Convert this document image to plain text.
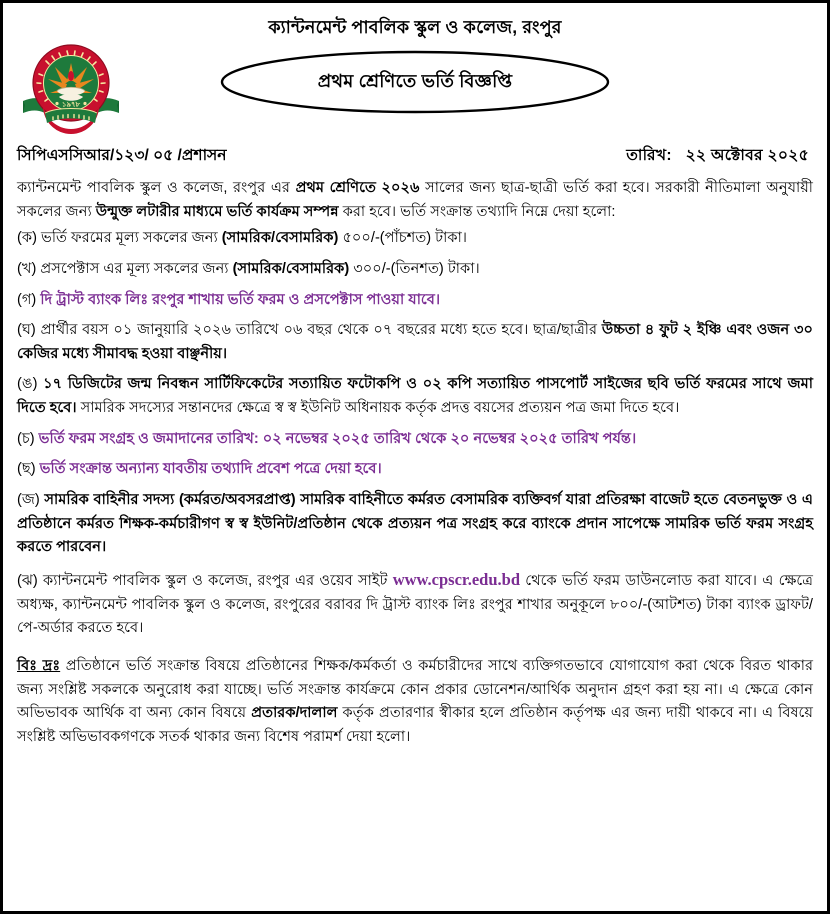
১৯৭৮
ক্যান্টনমেন্ট পাবলিক স্কুল ও কলেজ, রংপুর
প্রথম শ্রেণিতে ভর্তি বিজ্ঞপ্তি
সিপিএসসিআর/১২৩/ ০৫ /প্রশাসন	তারিখ: ২২ অক্টোবর ২০২৫

ক্যান্টনমেন্ট পাবলিক স্কুল ও কলেজ, রংপুর এর প্রথম শ্রেণিতে ২০২৬ সালের জন্য ছাত্র-ছাত্রী ভর্তি করা হবে। সরকারী নীতিমালা অনুযায়ী সকলের জন্য উন্মুক্ত লটারীর মাধ্যমে ভর্তি কার্যক্রম সম্পন্ন করা হবে। ভর্তি সংক্রান্ত তথ্যাদি নিম্নে দেয়া হলো:

(ক) ভর্তি ফরমের মূল্য সকলের জন্য (সামরিক/বেসামরিক) ৫০০/-(পাঁচশত) টাকা।

(খ) প্রসপেক্টাস এর মূল্য সকলের জন্য (সামরিক/বেসামরিক) ৩০০/-(তিনশত) টাকা।

(গ) দি ট্রাস্ট ব্যাংক লিঃ রংপুর শাখায় ভর্তি ফরম ও প্রসপেক্টাস পাওয়া যাবে।

(ঘ) প্রার্থীর বয়স ০১ জানুয়ারি ২০২৬ তারিখে ০৬ বছর থেকে ০৭ বছরের মধ্যে হতে হবে। ছাত্র/ছাত্রীর উচ্চতা ৪ ফুট ২ ইঞ্চি এবং ওজন ৩০ কেজির মধ্যে সীমাবদ্ধ হওয়া বাঞ্ছনীয়।

(ঙ) ১৭ ডিজিটের জন্ম নিবন্ধন সার্টিফিকেটের সত্যায়িত ফটোকপি ও ০২ কপি সত্যায়িত পাসপোর্ট সাইজের ছবি ভর্তি ফরমের সাথে জমা দিতে হবে। সামরিক সদস্যের সন্তানদের ক্ষেত্রে স্ব স্ব ইউনিট অধিনায়ক কর্তৃক প্রদত্ত বয়সের প্রত্যয়ন পত্র জমা দিতে হবে।

(চ) ভর্তি ফরম সংগ্রহ ও জমাদানের তারিখ: ০২ নভেম্বর ২০২৫ তারিখ থেকে ২০ নভেম্বর ২০২৫ তারিখ পর্যন্ত।

(ছ) ভর্তি সংক্রান্ত অন্যান্য যাবতীয় তথ্যাদি প্রবেশ পত্রে দেয়া হবে।

(জ) সামরিক বাহিনীর সদস্য (কর্মরত/অবসরপ্রাপ্ত) সামরিক বাহিনীতে কর্মরত বেসামরিক ব্যক্তিবর্গ যারা প্রতিরক্ষা বাজেট হতে বেতনভুক্ত ও এ প্রতিষ্ঠানে কর্মরত শিক্ষক-কর্মচারীগণ স্ব স্ব ইউনিট/প্রতিষ্ঠান থেকে প্রত্যয়ন পত্র সংগ্রহ করে ব্যাংকে প্রদান সাপেক্ষে সামরিক ভর্তি ফরম সংগ্রহ করতে পারবেন।

(ঝ) ক্যান্টনমেন্ট পাবলিক স্কুল ও কলেজ, রংপুর এর ওয়েব সাইট www.cpscr.edu.bd থেকে ভর্তি ফরম ডাউনলোড করা যাবে। এ ক্ষেত্রে অধ্যক্ষ, ক্যান্টনমেন্ট পাবলিক স্কুল ও কলেজ, রংপুরের বরাবর দি ট্রাস্ট ব্যাংক লিঃ রংপুর শাখার অনুকূলে ৮০০/-(আটশত) টাকা ব্যাংক ড্রাফট/পে-অর্ডার করতে হবে।

বিঃ দ্রঃ প্রতিষ্ঠানে ভর্তি সংক্রান্ত বিষয়ে প্রতিষ্ঠানের শিক্ষক/কর্মকর্তা ও কর্মচারীদের সাথে ব্যক্তিগতভাবে যোগাযোগ করা থেকে বিরত থাকার জন্য সংশ্লিষ্ট সকলকে অনুরোধ করা যাচ্ছে। ভর্তি সংক্রান্ত কার্যক্রমে কোন প্রকার ডোনেশন/আর্থিক অনুদান গ্রহণ করা হয় না। এ ক্ষেত্রে কোন অভিভাবক আর্থিক বা অন্য কোন বিষয়ে প্রতারক/দালাল কর্তৃক প্রতারণার স্বীকার হলে প্রতিষ্ঠান কর্তৃপক্ষ এর জন্য দায়ী থাকবে না। এ বিষয়ে সংশ্লিষ্ট অভিভাবকগণকে সতর্ক থাকার জন্য বিশেষ পরামর্শ দেয়া হলো।
